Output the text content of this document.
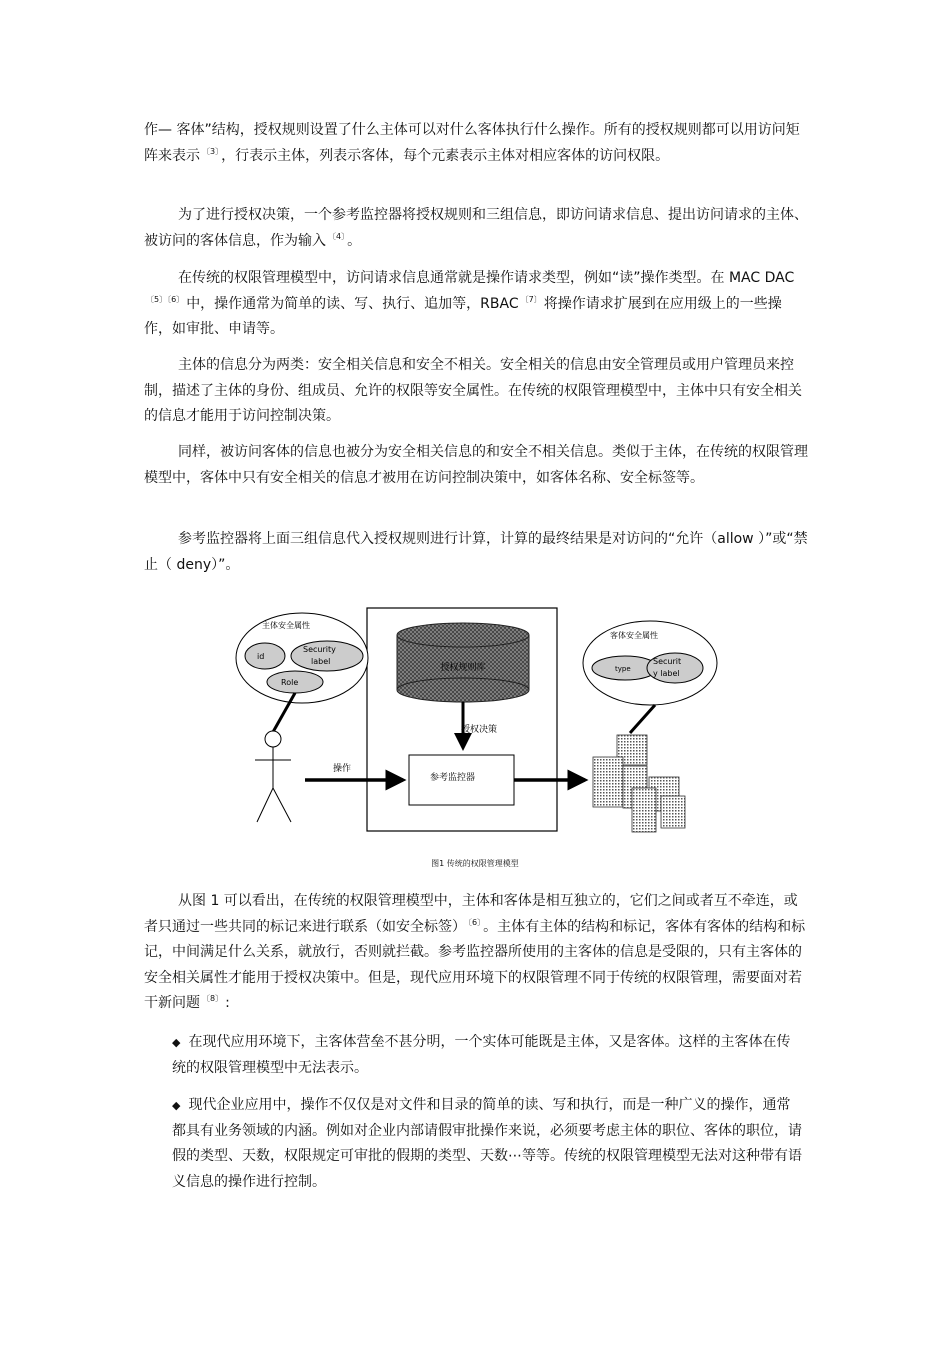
作— 客体”结构，授权规则设置了什么主体可以对什么客体执行什么操作。所有的授权规则都可以用访问矩阵来表示 $^{〔3〕}$ ，行表示主体，列表示客体，每个元素表示主体对相应客体的访问权限。

为了进行授权决策，一个参考监控器将授权规则和三组信息，即访问请求信息、提出访问请求的主体、被访问的客体信息，作为输入 $^{〔4〕}$ 。

在传统的权限管理模型中，访问请求信息通常就是操作请求类型，例如“读”操作类型。在 MAC DAC$^{〔5〕〔6〕}$ 中，操作通常为简单的读、写、执行、追加等，RBAC $^{〔7〕}$ 将操作请求扩展到在应用级上的一些操作，如审批、申请等。

主体的信息分为两类：安全相关信息和安全不相关。安全相关的信息由安全管理员或用户管理员来控制，描述了主体的身份、组成员、允许的权限等安全属性。在传统的权限管理模型中，主体中只有安全相关的信息才能用于访问控制决策。

同样，被访问客体的信息也被分为安全相关信息的和安全不相关信息。类似于主体，在传统的权限管理模型中，客体中只有安全相关的信息才被用在访问控制决策中，如客体名称、安全标签等。

参考监控器将上面三组信息代入授权规则进行计算，计算的最终结果是对访问的“允许（allow ）”或“禁止（ deny）”。

授权规则库
授权决策
参考监控器
主体安全属性
id
Security
label
Role
操作
客体安全属性
type
Securit
y label
图1 传统的权限管理模型

从图 1 可以看出，在传统的权限管理模型中，主体和客体是相互独立的，它们之间或者互不牵连，或者只通过一些共同的标记来进行联系（如安全标签） $^{〔6〕}$ 。主体有主体的结构和标记，客体有客体的结构和标记，中间满足什么关系，就放行，否则就拦截。参考监控器所使用的主客体的信息是受限的，只有主客体的安全相关属性才能用于授权决策中。但是，现代应用环境下的权限管理不同于传统的权限管理，需要面对若干新问题 $^{〔8〕}$ :

◆ 在现代应用环境下，主客体营垒不甚分明，一个实体可能既是主体，又是客体。这样的主客体在传统的权限管理模型中无法表示。

◆ 现代企业应用中，操作不仅仅是对文件和目录的简单的读、写和执行，而是一种广义的操作，通常都具有业务领域的内涵。例如对企业内部请假审批操作来说，必须要考虑主体的职位、客体的职位，请假的类型、天数，权限规定可审批的假期的类型、天数⋯等等。传统的权限管理模型无法对这种带有语义信息的操作进行控制。
